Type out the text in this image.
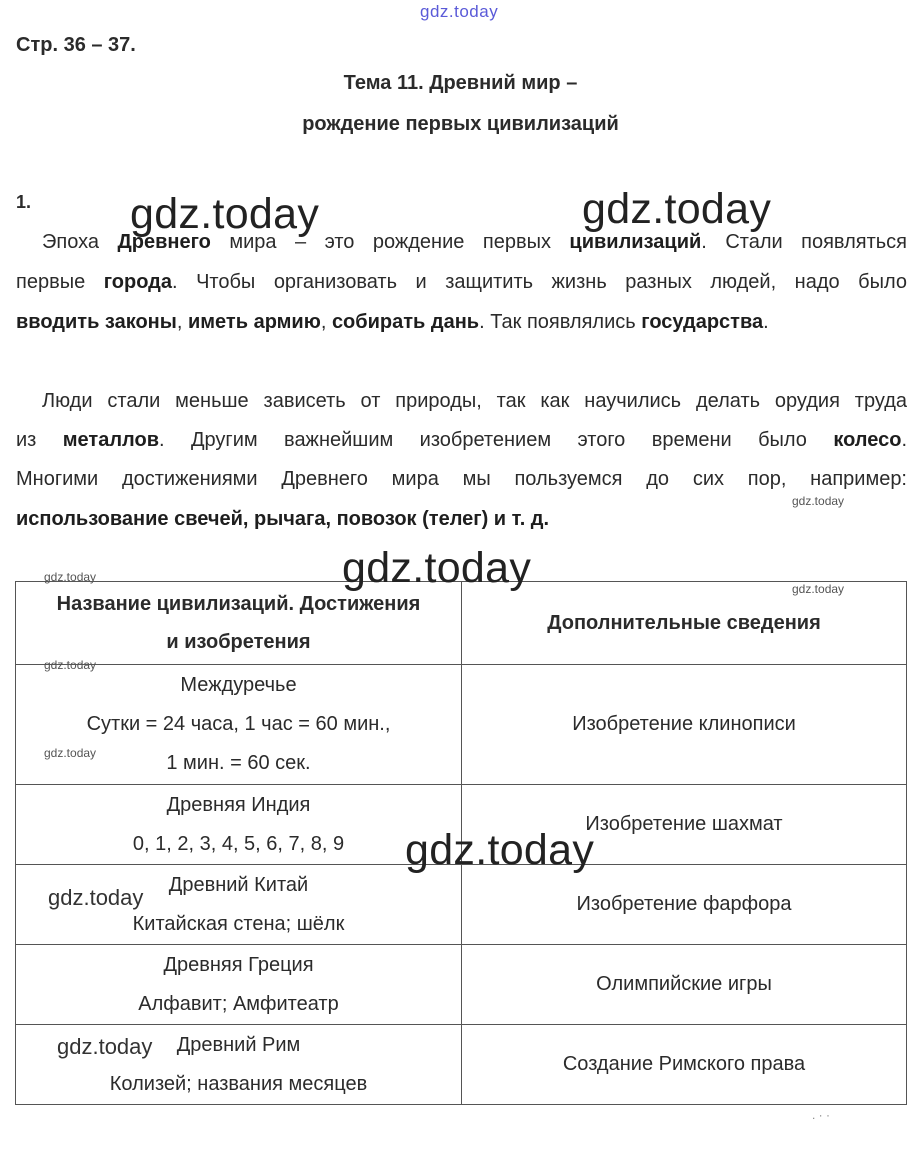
gdz.today
Стр. 36 – 37.
Тема 11. Древний мир –
рождение первых цивилизаций
1.
Эпоха Древнего мира – это рождение первых цивилизаций. Стали появляться
первые города. Чтобы организовать и защитить жизнь разных людей, надо было
вводить законы, иметь армию, собирать дань. Так появлялись государства.
Люди стали меньше зависеть от природы, так как научились делать орудия труда
из металлов. Другим важнейшим изобретением этого времени было колесо.
Многими достижениями Древнего мира мы пользуемся до сих пор, например:
использование свечей, рычага, повозок (телег) и т. д.
Название цивилизаций. Достижения
и изобретения	Дополнительные сведения

Междуречье
Сутки = 24 часа, 1 час = 60 мин.,
1 мин. = 60 сек.	Изобретение клинописи

Древняя Индия
0, 1, 2, 3, 4, 5, 6, 7, 8, 9	Изобретение шахмат

Древний Китай
Китайская стена; шёлк	Изобретение фарфора

Древняя Греция
Алфавит; Амфитеатр	Олимпийские игры

Древний Рим
Колизей; названия месяцев	Создание Римского права
gdz.today	gdz.today
gdz.today
gdz.today
gdz.today
gdz.today
gdz.today
gdz.today
gdz.today
gdz.today
gdz.today
. · ·
